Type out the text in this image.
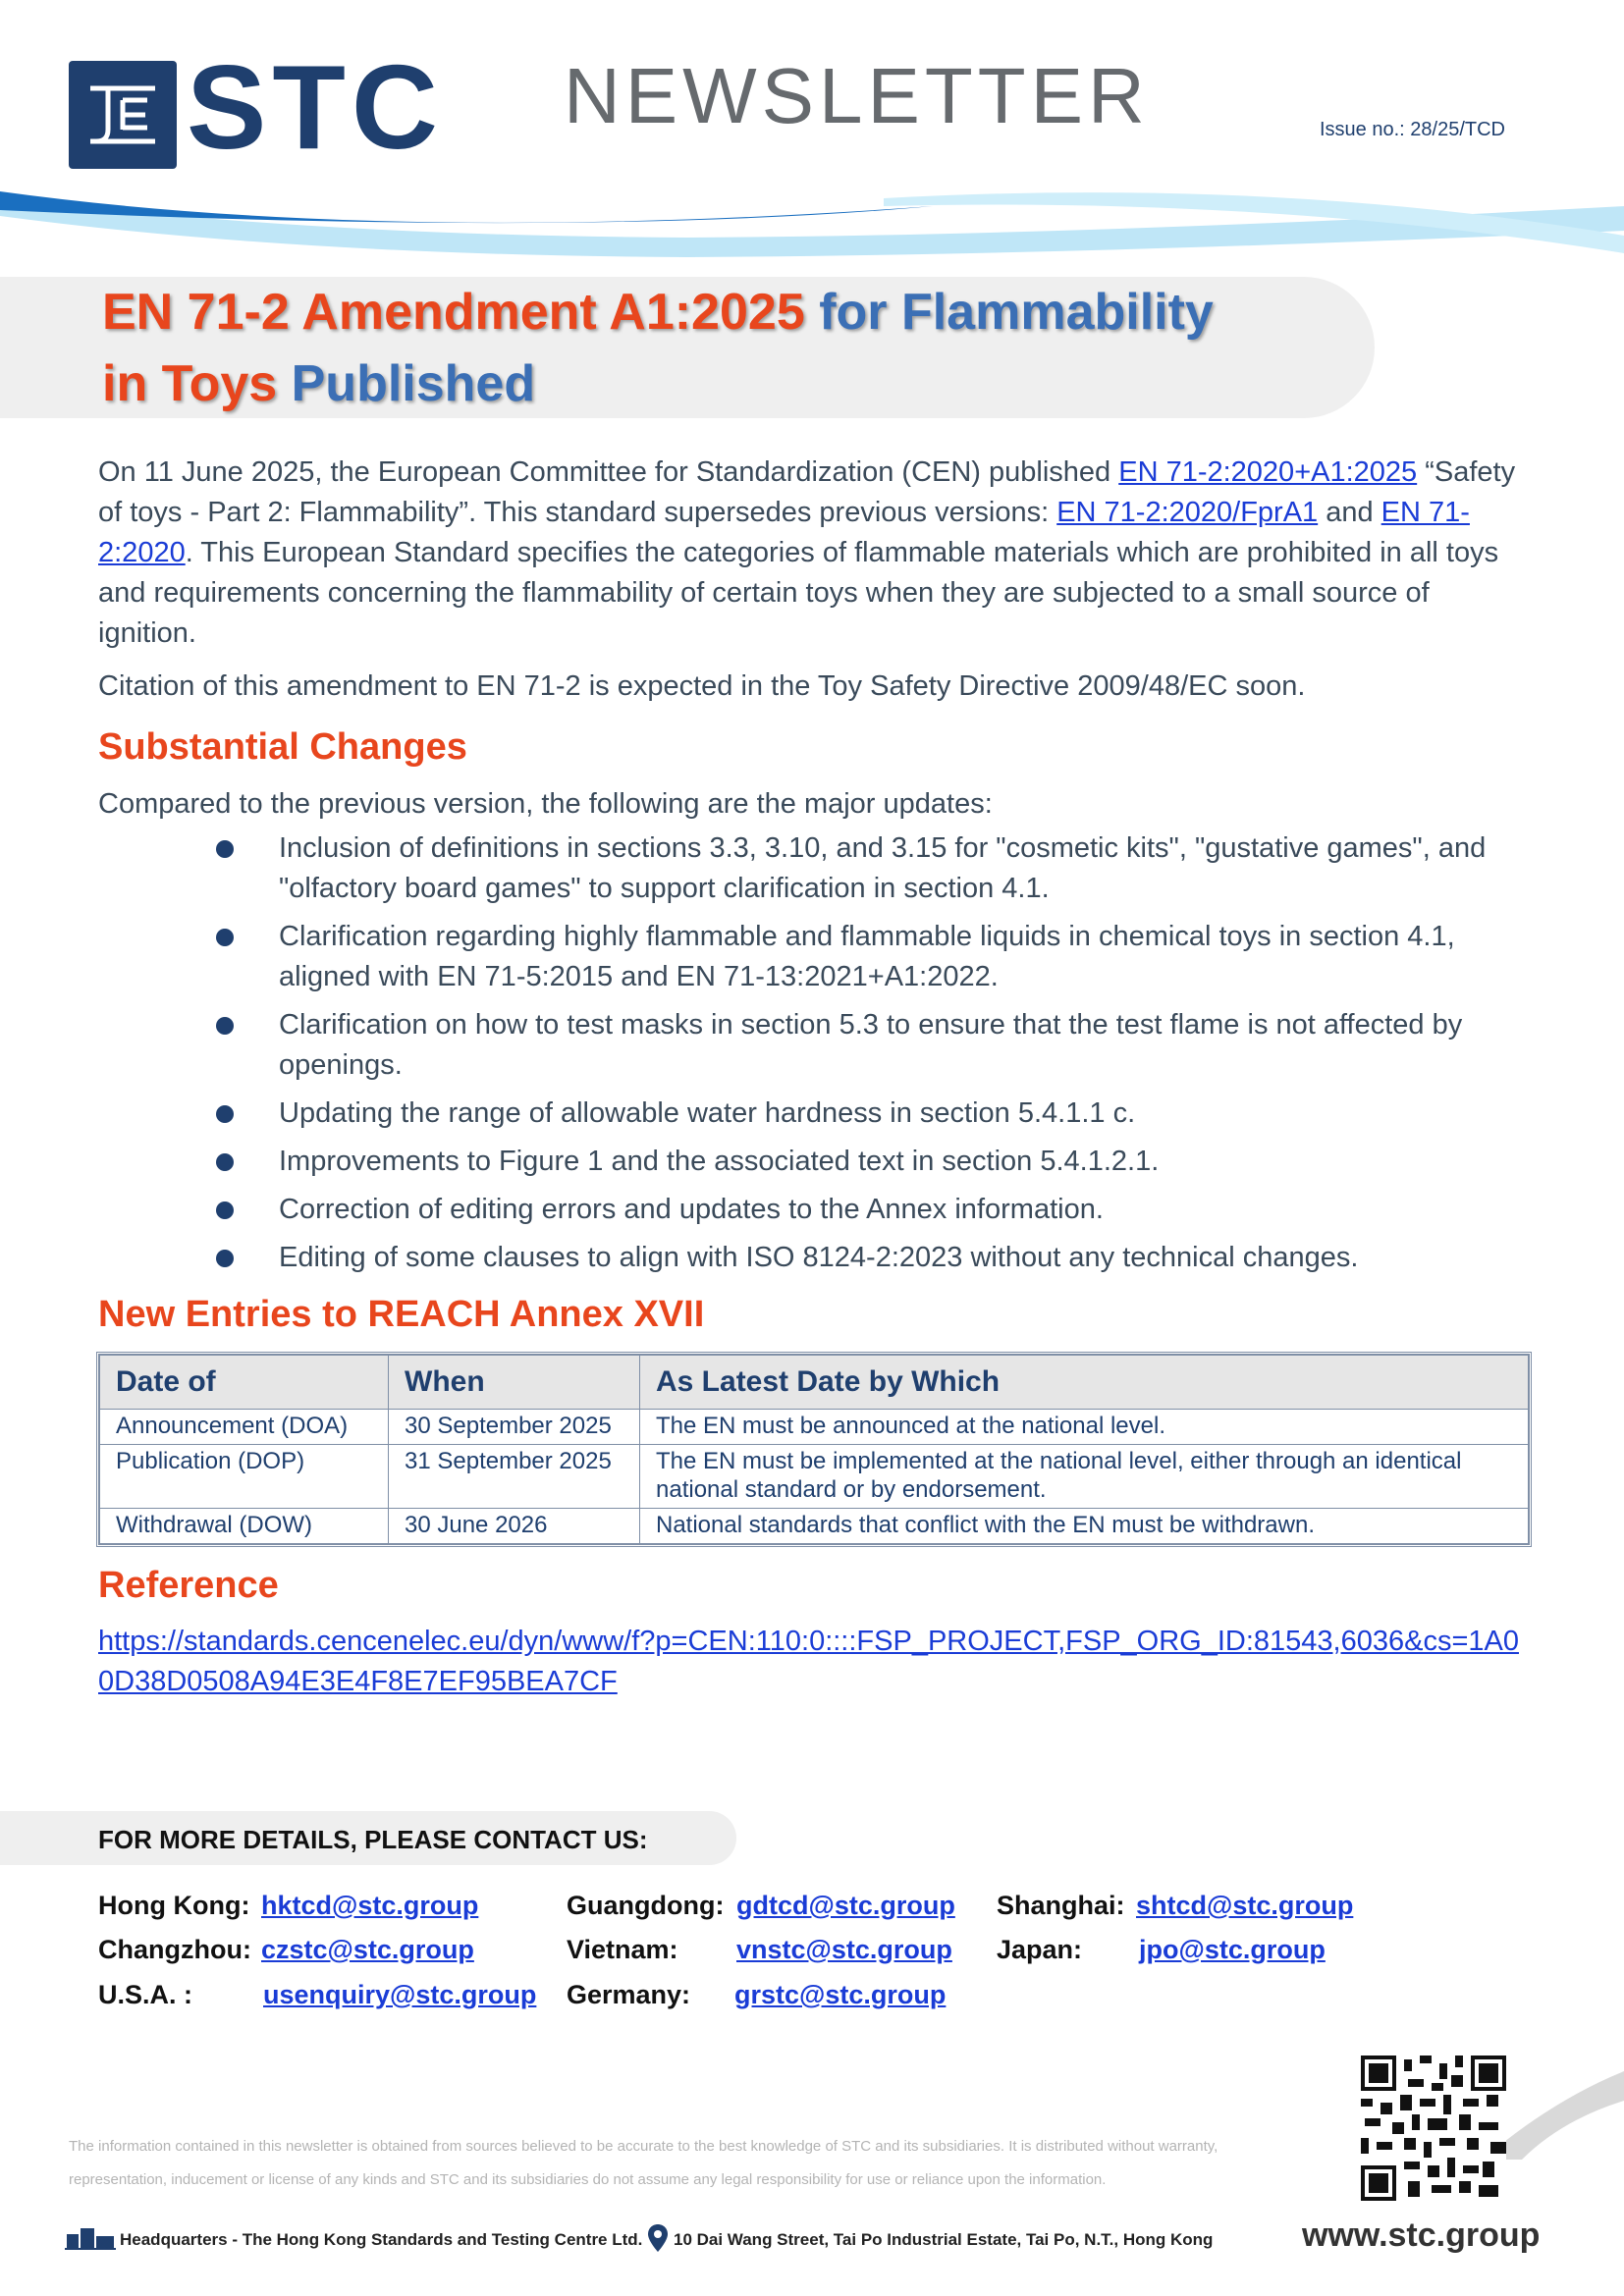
STC NEWSLETTER	Issue no.: 28/25/TCD
EN 71-2 Amendment A1:2025 for Flammability
in Toys Published
On 11 June 2025, the European Committee for Standardization (CEN) published EN 71-2:2020+A1:2025 “Safety of toys - Part 2: Flammability”. This standard supersedes previous versions: EN 71-2:2020/FprA1 and EN 71-2:2020. This European Standard specifies the categories of flammable materials which are prohibited in all toys and requirements concerning the flammability of certain toys when they are subjected to a small source of ignition.
Citation of this amendment to EN 71-2 is expected in the Toy Safety Directive 2009/48/EC soon.
Substantial Changes
Compared to the previous version, the following are the major updates:
Inclusion of definitions in sections 3.3, 3.10, and 3.15 for "cosmetic kits", "gustative games", and "olfactory board games" to support clarification in section 4.1.
Clarification regarding highly flammable and flammable liquids in chemical toys in section 4.1, aligned with EN 71-5:2015 and EN 71-13:2021+A1:2022.
Clarification on how to test masks in section 5.3 to ensure that the test flame is not affected by openings.
Updating the range of allowable water hardness in section 5.4.1.1 c.
Improvements to Figure 1 and the associated text in section 5.4.1.2.1.
Correction of editing errors and updates to the Annex information.
Editing of some clauses to align with ISO 8124-2:2023 without any technical changes.
New Entries to REACH Annex XVII
Date of	When	As Latest Date by Which
Announcement (DOA)	30 September 2025	The EN must be announced at the national level.
Publication (DOP)	31 September 2025	The EN must be implemented at the national level, either through an identical national standard or by endorsement.
Withdrawal (DOW)	30 June 2026	National standards that conflict with the EN must be withdrawn.
Reference
https://standards.cencenelec.eu/dyn/www/f?p=CEN:110:0::::FSP_PROJECT,FSP_ORG_ID:81543,6036&cs=1A00D38D0508A94E3E4F8E7EF95BEA7CF
FOR MORE DETAILS, PLEASE CONTACT US:
Hong Kong: hktcd@stc.group	Guangdong: gdtcd@stc.group Shanghai: shtcd@stc.group
Changzhou: czstc@stc.group	Vietnam: vnstc@stc.group Japan: jpo@stc.group
U.S.A. :	usenquiry@stc.group Germany: grstc@stc.group
The information contained in this newsletter is obtained from sources believed to be accurate to the best knowledge of STC and its subsidiaries. It is distributed without warranty, representation, inducement or license of any kinds and STC and its subsidiaries do not assume any legal responsibility for use or reliance upon the information.
Headquarters - The Hong Kong Standards and Testing Centre Ltd. 10 Dai Wang Street, Tai Po Industrial Estate, Tai Po, N.T., Hong Kong	www.stc.group
